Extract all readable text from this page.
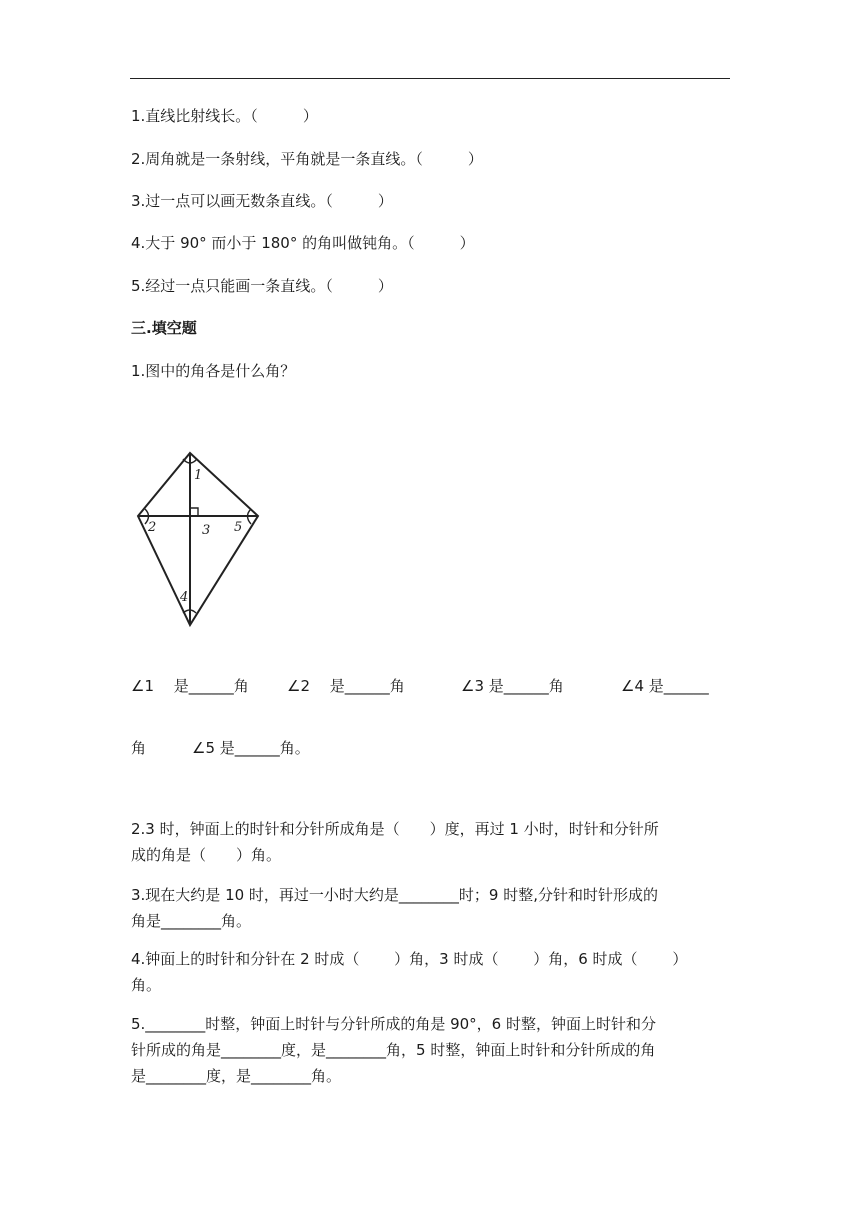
1.直线比射线长。（　　　）
2.周角就是一条射线，平角就是一条直线。（　　　）
3.过一点可以画无数条直线。（　　　）
4.大于 90° 而小于 180° 的角叫做钝角。（　　　）
5.经过一点只能画一条直线。（　　　）
三.填空题
1.图中的角各是什么角？
1
2	3
4
5
∠1　 是______角	∠2　 是______角	∠3 是______角	∠4 是______
角	∠5 是______角。
2.3 时，钟面上的时针和分针所成角是（　　）度，再过 1 小时，时针和分针所
成的角是（　　）角。
3.现在大约是 10 时，再过一小时大约是________时；9 时整,分针和时针形成的
角是________角。
4.钟面上的时针和分针在 2 时成（　　 ）角，3 时成（　　 ）角，6 时成（　　 ）
角。
5.________时整，钟面上时针与分针所成的角是 90°，6 时整，钟面上时针和分
针所成的角是________度，是________角，5 时整，钟面上时针和分针所成的角
是________度，是________角。
